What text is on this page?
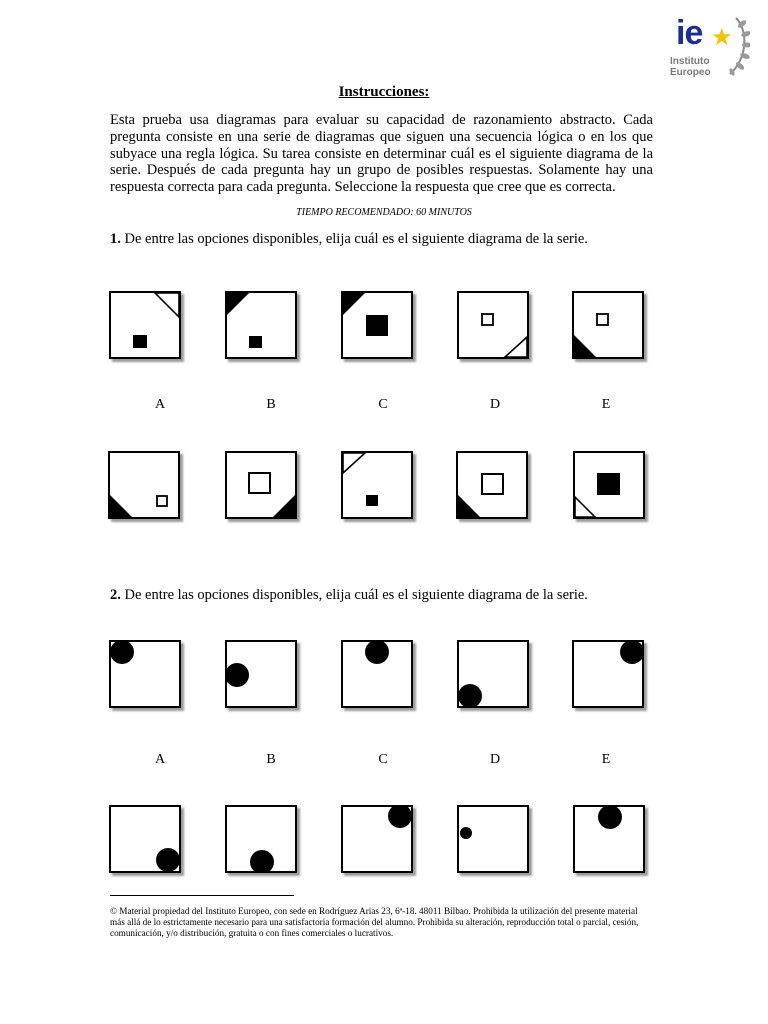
ie ★
Instituto
Europeo
Instrucciones:

Esta prueba usa diagramas para evaluar su capacidad de razonamiento abstracto. Cada pregunta consiste en una serie de diagramas que siguen una secuencia lógica o en los que subyace una regla lógica. Su tarea consiste en determinar cuál es el siguiente diagrama de la serie. Después de cada pregunta hay un grupo de posibles respuestas. Solamente hay una respuesta correcta para cada pregunta. Seleccione la respuesta que cree que es correcta.

TIEMPO RECOMENDADO: 60 MINUTOS
1. De entre las opciones disponibles, elija cuál es el siguiente diagrama de la serie.
A	B	C	D	E
2. De entre las opciones disponibles, elija cuál es el siguiente diagrama de la serie.
A	B	C	D	E

© Material propiedad del Instituto Europeo, con sede en Rodríguez Arias 23, 6ª-18. 48011 Bilbao. Prohibida la utilización del presente material más allá de lo estrictamente necesario para una satisfactoria formación del alumno. Prohibida su alteración, reproducción total o parcial, cesión, comunicación, y/o distribución, gratuita o con fines comerciales o lucrativos.
